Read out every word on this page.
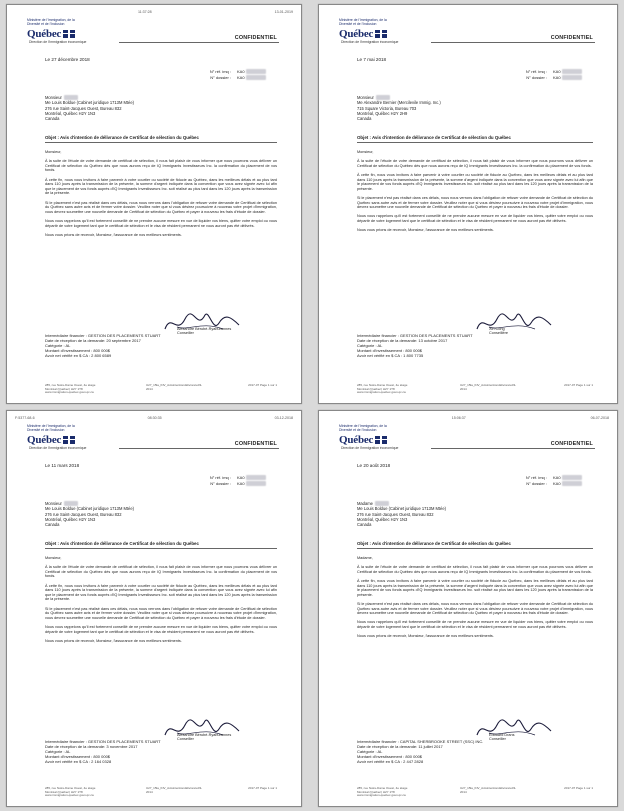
11:37:28	13-01-2019
Ministère de l'Immigration, de la Diversité et de l'Inclusion
Québec
Direction de l'immigration économique
CONFIDENTIEL
Le 27 décembre 2018
N° réf. imq : KA0
N° dossier : KA0
Monsieur
Me Louis Boldue (Cabinet juridique 1713M Mtée)
276 rue Saint-Jacques Ouest, Bureau 832
Montréal, Québec H2Y 1N3
Canada
Objet : Avis d'intention de délivrance de Certificat de sélection du Québec

Monsieur,

À la suite de l'étude de votre demande de certificat de sélection, il nous fait plaisir de vous informer que nous pourrons vous délivrer un Certificat de sélection du Québec dès que nous aurons reçu de IQ Immigrants Investisseurs Inc. la confirmation du placement de vos fonds.

À cette fin, nous vous invitons à faire parvenir à votre courtier ou société de fiducie au Québec, dans les meilleurs délais et au plus tard dans 110 jours après la transmission de la présente, la somme d'argent indiquée dans la convention que vous avez signée avec lui afin que le placement de vos fonds auprès d'IQ Immigrants Investisseurs Inc. soit réalisé au plus tard dans les 120 jours après la transmission de la présente.

Si le placement n'est pas réalisé dans ces délais, nous nous verrons dans l'obligation de refuser votre demande de Certificat de sélection du Québec sans autre avis et de fermer votre dossier. Veuillez noter que si vous désirez poursuivre à nouveau votre projet d'immigration, vous devrez soumettre une nouvelle demande de Certificat de sélection du Québec et payer à nouveau les frais d'étude de dossier.

Nous vous rappelons qu'il est fortement conseillé de ne prendre aucune mesure en vue de liquider vos biens, quitter votre emploi ou vous départir de votre logement tant que le certificat de sélection et le visa de résident permanent ne vous auront pas été délivrés.

Nous vous prions de recevoir, Monsieur, l'assurance de nos meilleurs sentiments.

Alexandre Bérubé-Ryaburonnes
Conseiller
Intermédiaire financier : GESTION DES PLACEMENTS STUART
Date de réception de la demande: 20 septembre 2017
Catégorie : AL
Montant d'investissement : 800 000$
Avoir net vérifié en $ CA : 2 800 6589
285, rue Notre-Dame Ouest, 4e étage Montréal (Québec) H2Y 1T8 www.immigration-quebec.gouv.qc.ca
U27_15la_INV_Avisintentiondélivrance03-2014
2017-07 Page 1 sur 1
Ministère de l'Immigration, de la Diversité et de l'Inclusion
Québec
Direction de l'immigration économique
CONFIDENTIEL
Le 7 mai 2018
N° réf. imq : KA0
N° dossier : KA0
Monsieur
Me Alexandre Bernier (Mercilevile Immig. Inc.)
715 Square Victoria, Bureau 703
Montréal, Québec H2Y 2H9
Canada
Objet : Avis d'intention de délivrance de Certificat de sélection du Québec

Monsieur,

À la suite de l'étude de votre demande de certificat de sélection, il nous fait plaisir de vous informer que nous pourrons vous délivrer un Certificat de sélection du Québec dès que nous aurons reçu de IQ Immigrants Investisseurs Inc. la confirmation du placement de vos fonds.

À cette fin, nous vous invitons à faire parvenir à votre courtier ou société de fiducie au Québec, dans les meilleurs délais et au plus tard dans 110 jours après la transmission de la présente, la somme d'argent indiquée dans la convention que vous avez signée avec lui afin que le placement de vos fonds auprès d'IQ Immigrants Investisseurs Inc. soit réalisé au plus tard dans les 120 jours après la transmission de la présente.

Si le placement n'est pas réalisé dans ces délais, nous nous verrons dans l'obligation de refuser votre demande de Certificat de sélection du Québec sans autre avis et de fermer votre dossier. Veuillez noter que si vous désirez poursuivre à nouveau votre projet d'immigration, vous devrez soumettre une nouvelle demande de Certificat de sélection du Québec et payer à nouveau les frais d'étude de dossier.

Nous vous rappelons qu'il est fortement conseillé de ne prendre aucune mesure en vue de liquider vos biens, quitter votre emploi ou vous départir de votre logement tant que le certificat de sélection et le visa de résident permanent ne vous auront pas été délivrés.

Nous vous prions de recevoir, Monsieur, l'assurance de nos meilleurs sentiments.

Xin Cong
Conseillère
Intermédiaire financier : GESTION DES PLACEMENTS STUART
Date de réception de la demande: 13 octobre 2017
Catégorie : AL
Montant d'investissement : 800 000$
Avoir net vérifié en $ CA : 1 800 7735
285, rue Notre-Dame Ouest, 4e étage Montréal (Québec) H2Y 1T8 www.immigration-quebec.gouv.qc.ca
U27_15la_INV_Avisintentiondélivrance03-2014
2017-07 Page 1 sur 1
F:5377-68-6	08:30:35	03-12-2018
Ministère de l'Immigration, de la Diversité et de l'Inclusion
Québec
Direction de l'immigration économique
CONFIDENTIEL
Le 11 mars 2018
N° réf. imq : KA0
N° dossier : KA0
Monsieur
Me Louis Boldue (Cabinet juridique 1713M Mtée)
276 rue Saint-Jacques Ouest, Bureau 832
Montréal, Québec H2Y 1N3
Canada
Objet : Avis d'intention de délivrance de Certificat de sélection du Québec

Monsieur,

À la suite de l'étude de votre demande de certificat de sélection, il nous fait plaisir de vous informer que nous pourrons vous délivrer un Certificat de sélection du Québec dès que nous aurons reçu de IQ Immigrants Investisseurs Inc. la confirmation du placement de vos fonds.

À cette fin, nous vous invitons à faire parvenir à votre courtier ou société de fiducie au Québec, dans les meilleurs délais et au plus tard dans 110 jours après la transmission de la présente, la somme d'argent indiquée dans la convention que vous avez signée avec lui afin que le placement de vos fonds auprès d'IQ Immigrants Investisseurs Inc. soit réalisé au plus tard dans les 120 jours après la transmission de la présente.

Si le placement n'est pas réalisé dans ces délais, nous nous verrons dans l'obligation de refuser votre demande de Certificat de sélection du Québec sans autre avis et de fermer votre dossier. Veuillez noter que si vous désirez poursuivre à nouveau votre projet d'immigration, vous devrez soumettre une nouvelle demande de Certificat de sélection du Québec et payer à nouveau les frais d'étude de dossier.

Nous vous rappelons qu'il est fortement conseillé de ne prendre aucune mesure en vue de liquider vos biens, quitter votre emploi ou vous départir de votre logement tant que le certificat de sélection et le visa de résident permanent ne vous auront pas été délivrés.

Nous vous prions de recevoir, Monsieur, l'assurance de nos meilleurs sentiments.

Alexandre Bérubé-Ryaburonnes
Conseiller
Intermédiaire financier : GESTION DES PLACEMENTS STUART
Date de réception de la demande: 3 novembre 2017
Catégorie : AL
Montant d'investissement : 800 000$
Avoir net vérifié en $ CA : 2 164 0328
285, rue Notre-Dame Ouest, 4e étage Montréal (Québec) H2Y 1T8 www.immigration-quebec.gouv.qc.ca
U27_15la_INV_Avisintentiondélivrance03-2014
2017-07 Page 1 sur 1
15:06:37	06-07-2018
Ministère de l'Immigration, de la Diversité et de l'Inclusion
Québec
Direction de l'immigration économique
CONFIDENTIEL
Le 20 août 2018
N° réf. imq : KA0
N° dossier : KA0
Madame
Me Louis Boldue (Cabinet juridique 1713M Mtée)
276 rue Saint-Jacques Ouest, Bureau 832
Montréal, Québec H2Y 1N3
Canada
Objet : Avis d'intention de délivrance de Certificat de sélection du Québec

Madame,

À la suite de l'étude de votre demande de certificat de sélection, il nous fait plaisir de vous informer que nous pourrons vous délivrer un Certificat de sélection du Québec dès que nous aurons reçu de IQ Immigrants Investisseurs Inc. la confirmation du placement de vos fonds.

À cette fin, nous vous invitons à faire parvenir à votre courtier ou société de fiducie au Québec, dans les meilleurs délais et au plus tard dans 110 jours après la transmission de la présente, la somme d'argent indiquée dans la convention que vous avez signée avec lui afin que le placement de vos fonds auprès d'IQ Immigrants Investisseurs Inc. soit réalisé au plus tard dans les 120 jours après la transmission de la présente.

Si le placement n'est pas réalisé dans ces délais, nous nous verrons dans l'obligation de refuser votre demande de Certificat de sélection du Québec sans autre avis et de fermer votre dossier. Veuillez noter que si vous désirez poursuivre à nouveau votre projet d'immigration, vous devrez soumettre une nouvelle demande de Certificat de sélection du Québec et payer à nouveau les frais d'étude de dossier.

Nous vous rappelons qu'il est fortement conseillé de ne prendre aucune mesure en vue de liquider vos biens, quitter votre emploi ou vous départir de votre logement tant que le certificat de sélection et le visa de résident permanent ne vous auront pas été délivrés.

Nous vous prions de recevoir, Monsieur, l'assurance de nos meilleurs sentiments.

Edouard Drans
Conseiller
Intermédiaire financier : CAPITAL SHERBROOKE STREET (SSC) INC.
Date de réception de la demande: 11 juillet 2017
Catégorie : AL
Montant d'investissement : 800 000$
Avoir net vérifié en $ CA : 2 447 2828
285, rue Notre-Dame Ouest, 4e étage Montréal (Québec) H2Y 1T8 www.immigration-quebec.gouv.qc.ca
U27_15la_INV_Avisintentiondélivrance03-2014
2017-07 Page 1 sur 1
